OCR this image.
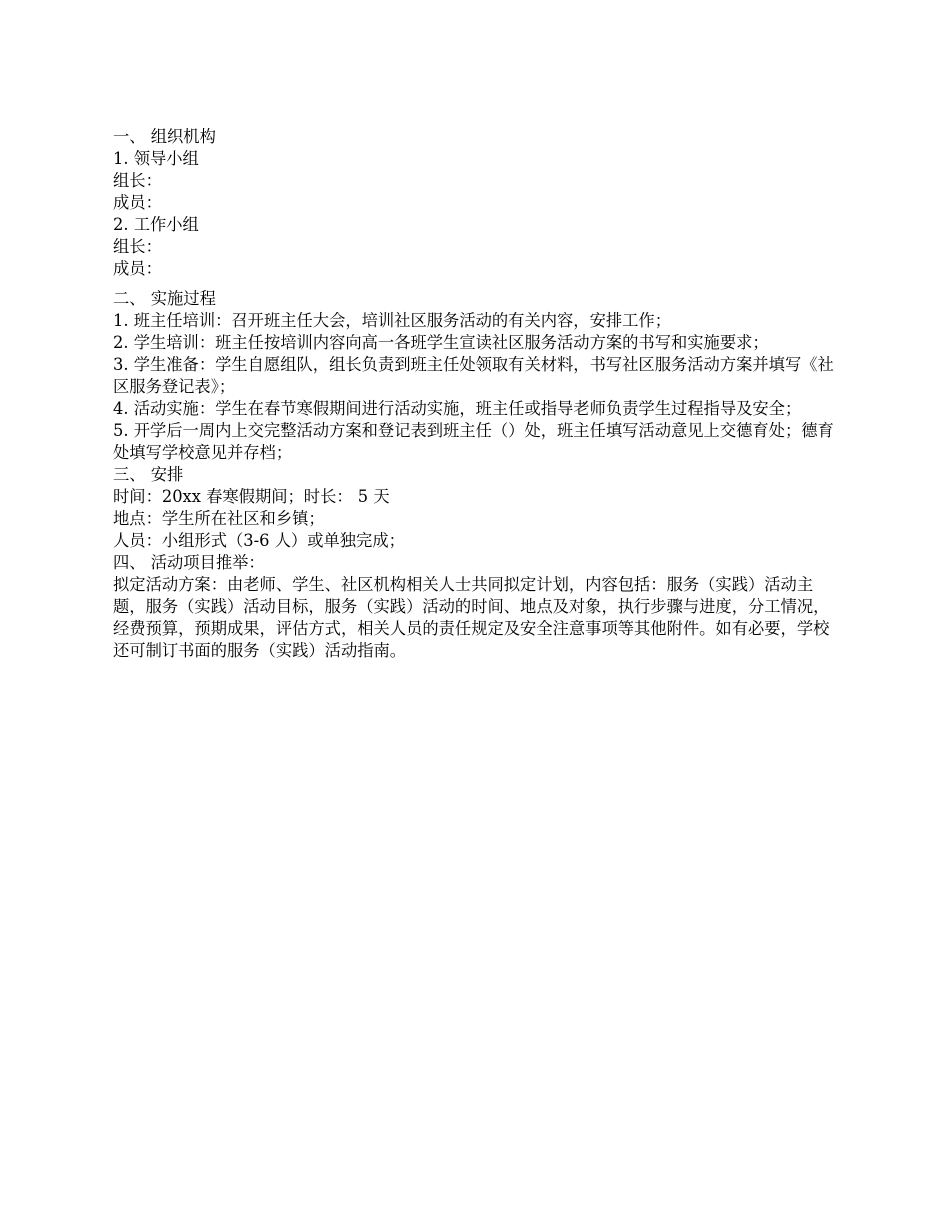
一、 组织机构
1. 领导小组
组长：
成员：
2. 工作小组
组长：
成员：
二、 实施过程
1. 班主任培训：召开班主任大会，培训社区服务活动的有关内容，安排工作；
2. 学生培训：班主任按培训内容向高一各班学生宣读社区服务活动方案的书写和实施要求；
3. 学生准备：学生自愿组队，组长负责到班主任处领取有关材料，书写社区服务活动方案并填写《社区服务登记表》；
4. 活动实施：学生在春节寒假期间进行活动实施，班主任或指导老师负责学生过程指导及安全；
5. 开学后一周内上交完整活动方案和登记表到班主任（）处，班主任填写活动意见上交德育处；德育处填写学校意见并存档；
三、 安排
时间：20xx 春寒假期间；时长： 5 天
地点：学生所在社区和乡镇；
人员：小组形式（3-6 人）或单独完成；
四、 活动项目推举：
拟定活动方案：由老师、学生、社区机构相关人士共同拟定计划，内容包括：服务（实践）活动主题，服务（实践）活动目标，服务（实践）活动的时间、地点及对象，执行步骤与进度，分工情况，经费预算，预期成果，评估方式，相关人员的责任规定及安全注意事项等其他附件。如有必要，学校还可制订书面的服务（实践）活动指南。
